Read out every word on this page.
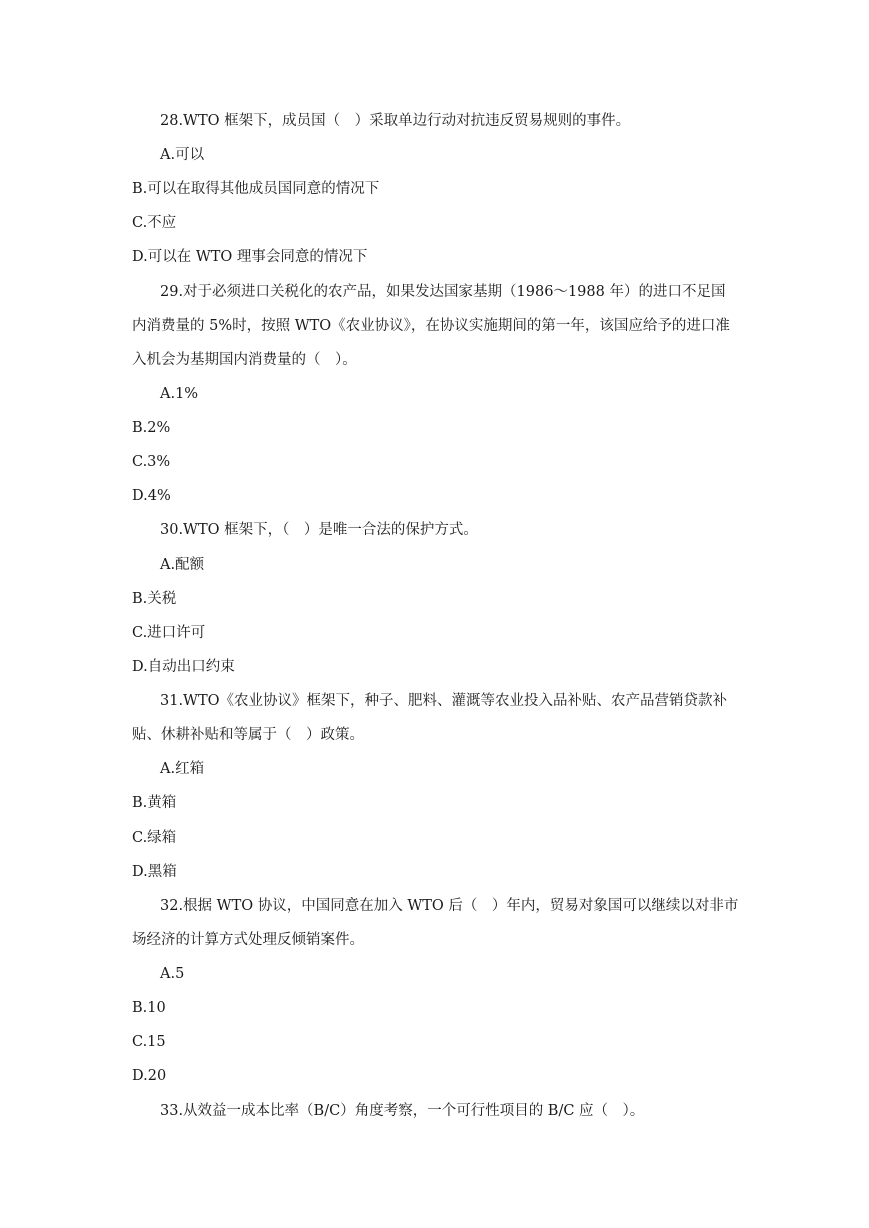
28.WTO 框架下，成员国（　）采取单边行动对抗违反贸易规则的事件。
A.可以
B.可以在取得其他成员国同意的情况下
C.不应
D.可以在 WTO 理事会同意的情况下
29.对于必须进口关税化的农产品，如果发达国家基期（1986～1988 年）的进口不足国
内消费量的 5%时，按照 WTO《农业协议》，在协议实施期间的第一年，该国应给予的进口准
入机会为基期国内消费量的（　）。
A.1%
B.2%
C.3%
D.4%
30.WTO 框架下，（　）是唯一合法的保护方式。
A.配额
B.关税
C.进口许可
D.自动出口约束
31.WTO《农业协议》框架下，种子、肥料、灌溉等农业投入品补贴、农产品营销贷款补
贴、休耕补贴和等属于（　）政策。
A.红箱
B.黄箱
C.绿箱
D.黑箱
32.根据 WTO 协议，中国同意在加入 WTO 后（　）年内，贸易对象国可以继续以对非市
场经济的计算方式处理反倾销案件。
A.5
B.10
C.15
D.20
33.从效益一成本比率（B/C）角度考察，一个可行性项目的 B/C 应（　）。
